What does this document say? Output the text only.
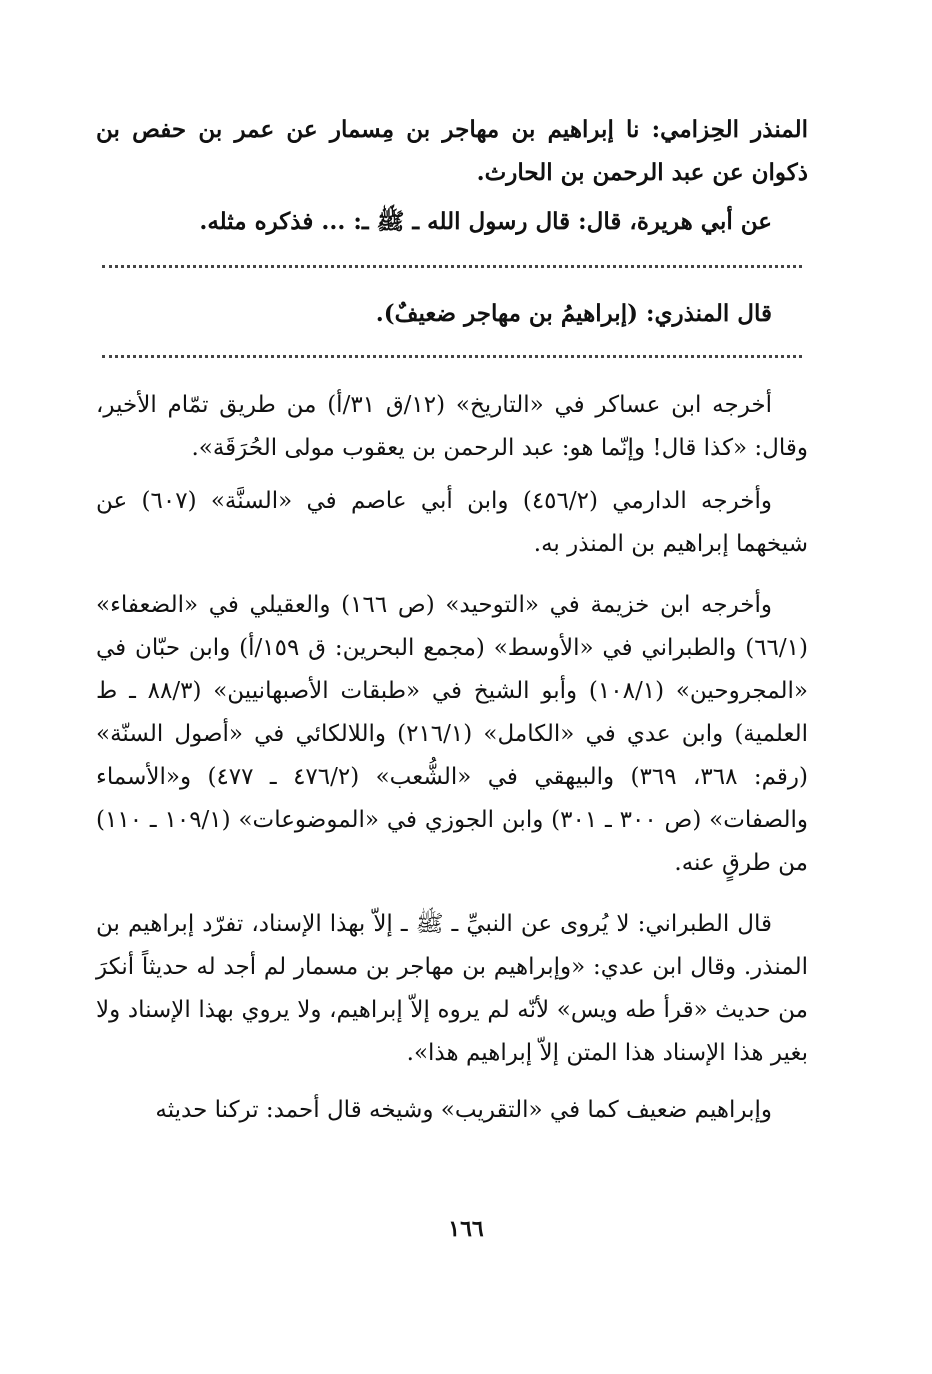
المنذر الحِزامي: نا إبراهيم بن مهاجر بن مِسمار عن عمر بن حفص بن ذكوان عن عبد الرحمن بن الحارث.

عن أبي هريرة، قال: قال رسول الله ـ ﷺ ـ: ... فذكره مثله.

قال المنذري: (إبراهيمُ بن مهاجر ضعيفٌ).

أخرجه ابن عساكر في «التاريخ» (١٢/ق ٣١/أ) من طريق تمّام الأخير، وقال: «كذا قال! وإنّما هو: عبد الرحمن بن يعقوب مولى الحُرَقَة».

وأخرجه الدارمي (٤٥٦/٢) وابن أبي عاصم في «السنَّة» (٦٠٧) عن شيخهما إبراهيم بن المنذر به.

وأخرجه ابن خزيمة في «التوحيد» (ص ١٦٦) والعقيلي في «الضعفاء» (٦٦/١) والطبراني في «الأوسط» (مجمع البحرين: ق ١٥٩/أ) وابن حبّان في «المجروحين» (١٠٨/١) وأبو الشيخ في «طبقات الأصبهانيين» (٨٨/٣ ـ ط العلمية) وابن عدي في «الكامل» (٢١٦/١) واللالكائي في «أصول السنّة» (رقم: ٣٦٨، ٣٦٩) والبيهقي في «الشُّعب» (٤٧٦/٢ ـ ٤٧٧) و«الأسماء والصفات» (ص ٣٠٠ ـ ٣٠١) وابن الجوزي في «الموضوعات» (١٠٩/١ ـ ١١٠) من طرقٍ عنه.

قال الطبراني: لا يُروى عن النبيِّ ـ ﷺ ـ إلاّ بهذا الإسناد، تفرّد إبراهيم بن المنذر. وقال ابن عدي: «وإبراهيم بن مهاجر بن مسمار لم أجد له حديثاً أنكرَ من حديث «قرأ طه ويس» لأنّه لم يروه إلاّ إبراهيم، ولا يروي بهذا الإسناد ولا بغير هذا الإسناد هذا المتن إلاّ إبراهيم هذا».

وإبراهيم ضعيف كما في «التقريب» وشيخه قال أحمد: تركنا حديثه

١٦٦
